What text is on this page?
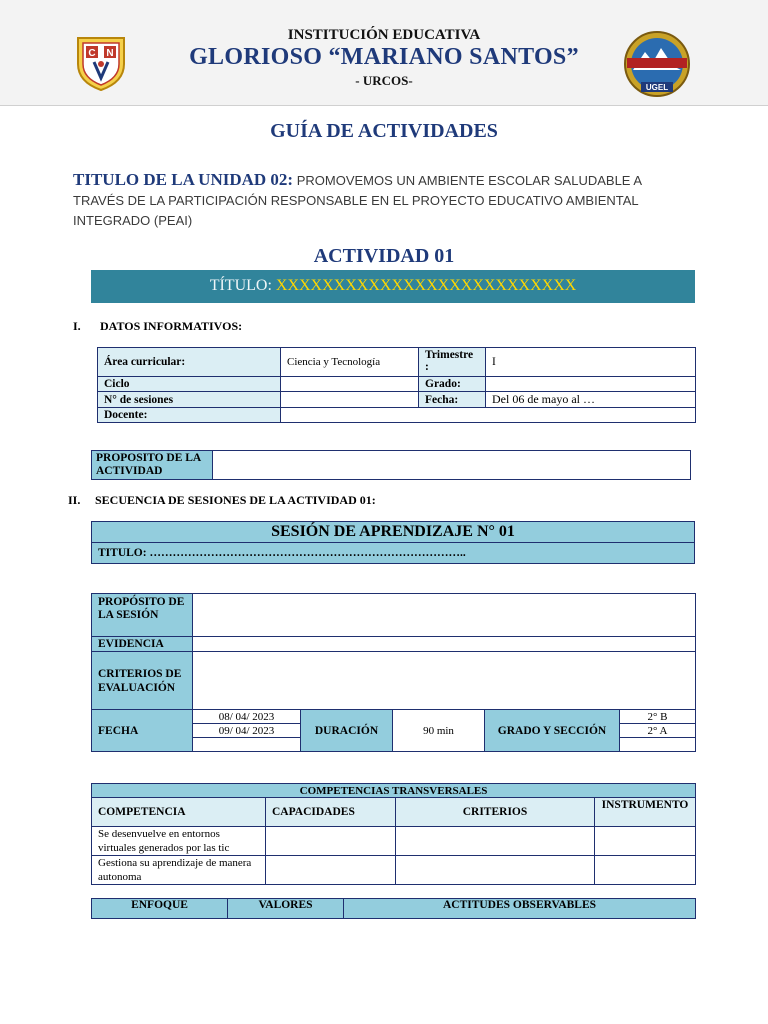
C N
INSTITUCIÓN EDUCATIVA
GLORIOSO “MARIANO SANTOS”
- URCOS-	UGEL
GUÍA DE ACTIVIDADES
TITULO DE LA UNIDAD 02: PROMOVEMOS UN AMBIENTE ESCOLAR SALUDABLE A TRAVÉS DE LA PARTICIPACIÓN RESPONSABLE EN EL PROYECTO EDUCATIVO AMBIENTAL INTEGRADO (PEAI)
ACTIVIDAD 01
TÍTULO: XXXXXXXXXXXXXXXXXXXXXXXXXX
I. DATOS INFORMATIVOS:
Área curricular:	Ciencia y Tecnología	Trimestre :	I
Ciclo		Grado:	
N° de sesiones		Fecha:	Del 06 de mayo al …
Docente:			
PROPOSITO DE LA ACTIVIDAD	
II. SECUENCIA DE SESIONES DE LA ACTIVIDAD 01:
SESIÓN DE APRENDIZAJE N° 01
TITULO: ………………………………………………………………………..
PROPÓSITO DE LA SESIÓN					
EVIDENCIA					
CRITERIOS DE EVALUACIÓN					
FECHA	08/ 04/ 2023	DURACIÓN	90 min	GRADO Y SECCIÓN	2° B
	09/ 04/ 2023				2° A

COMPETENCIAS TRANSVERSALES			
COMPETENCIA	CAPACIDADES	CRITERIOS	INSTRUMENTO
Se desenvuelve en entornos virtuales generados por las tic			
Gestiona su aprendizaje de manera autonoma			
ENFOQUE	VALORES	ACTITUDES OBSERVABLES
